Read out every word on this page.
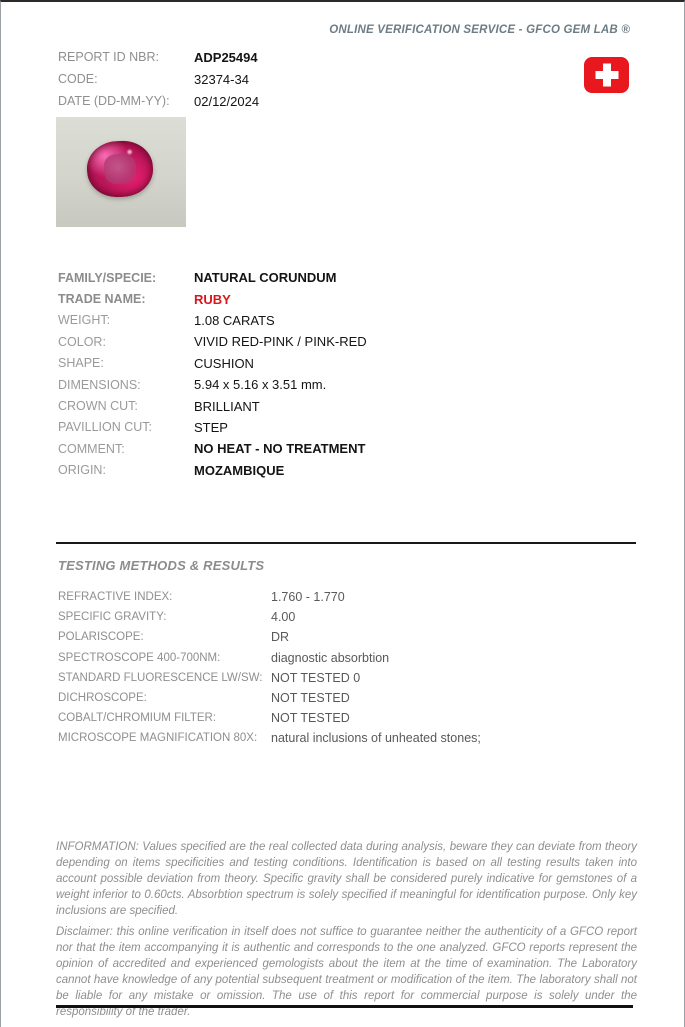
ONLINE VERIFICATION SERVICE - GFCO GEM LAB ®
REPORT ID NBR:	ADP25494
CODE:	32374-34
DATE (DD-MM-YY):	02/12/2024
FAMILY/SPECIE:	NATURAL CORUNDUM
TRADE NAME:	RUBY
WEIGHT:	1.08 CARATS
COLOR:	VIVID RED-PINK / PINK-RED
SHAPE:	CUSHION
DIMENSIONS:	5.94 x 5.16 x 3.51 mm.
CROWN CUT:	BRILLIANT
PAVILLION CUT:	STEP
COMMENT:	NO HEAT - NO TREATMENT
ORIGIN:	MOZAMBIQUE
TESTING METHODS & RESULTS
REFRACTIVE INDEX:	1.760 - 1.770
SPECIFIC GRAVITY:	4.00
POLARISCOPE:	DR
SPECTROSCOPE 400-700NM:	diagnostic absorbtion
STANDARD FLUORESCENCE LW/SW: NOT TESTED 0
DICHROSCOPE:	NOT TESTED
COBALT/CHROMIUM FILTER:	NOT TESTED
MICROSCOPE MAGNIFICATION 80X:	natural inclusions of unheated stones;

INFORMATION: Values specified are the real collected data during analysis, beware they can deviate from theory depending on items specificities and testing conditions. Identification is based on all testing results taken into account possible deviation from theory. Specific gravity shall be considered purely indicative for gemstones of a weight inferior to 0.60cts. Absorbtion spectrum is solely specified if meaningful for identification purpose. Only key inclusions are specified.

Disclaimer: this online verification in itself does not suffice to guarantee neither the authenticity of a GFCO report nor that the item accompanying it is authentic and corresponds to the one analyzed. GFCO reports represent the opinion of accredited and experienced gemologists about the item at the time of examination. The Laboratory cannot have knowledge of any potential subsequent treatment or modification of the item. The laboratory shall not be liable for any mistake or omission. The use of this report for commercial purpose is solely under the responsibility of the trader.
